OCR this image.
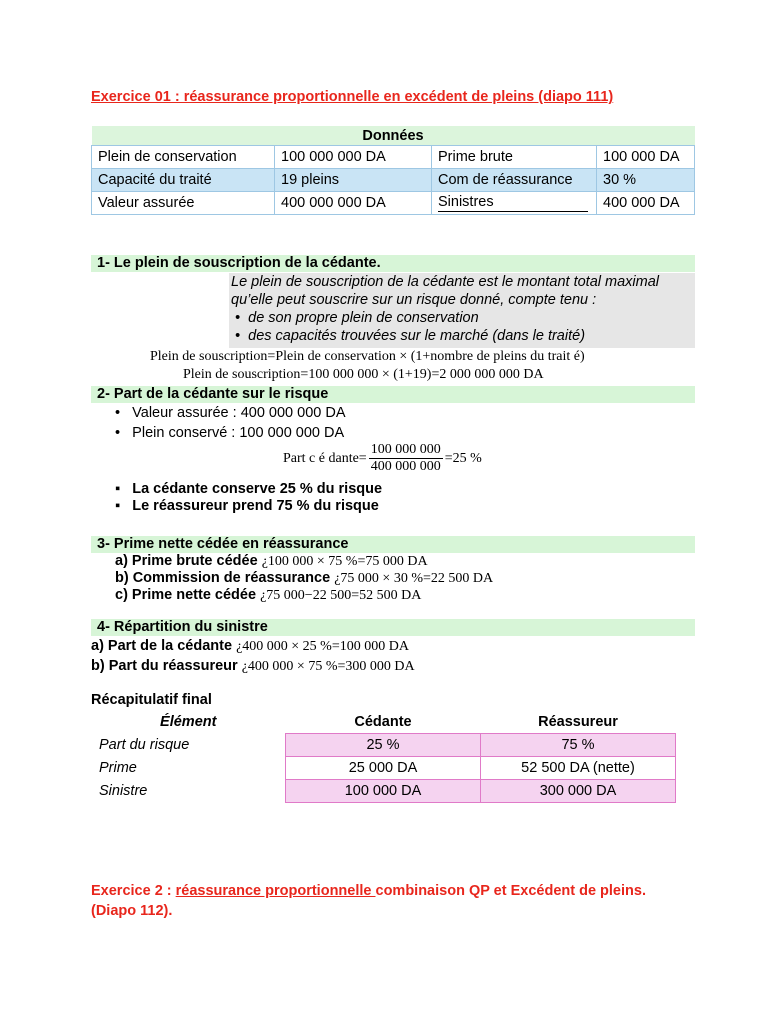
Exercice 01 : réassurance proportionnelle en excédent de pleins (diapo 111)
Données			
Plein de conservation	100 000 000 DA	Prime brute	100 000 DA
Capacité du traité	19 pleins	Com de réassurance	30 %
Valeur assurée	400 000 000 DA	Sinistres	400 000 DA
1- Le plein de souscription de la cédante.

Le plein de souscription de la cédante est le montant total maximal

qu’elle peut souscrire sur un risque donné, compte tenu :

•  de son propre plein de conservation

•  des capacités trouvées sur le marché (dans le traité)

Plein de souscription=Plein de conservation × (1+nombre de pleins du trait é)
Plein de souscription=100 000 000 × (1+19)=2 000 000 000 DA
2- Part de la cédante sur le risque
•   Valeur assurée : 400 000 000 DA
•   Plein conservé : 100 000 000 DA
Part c é dante= $\frac{100 000 000}{400 000 000} =25$ %
▪   La cédante conserve 25 % du risque
▪   Le réassureur prend 75 % du risque
3- Prime nette cédée en réassurance
a) Prime brute cédée ¿100 000 × 75 %=75 000 DA
b) Commission de réassurance ¿75 000 × 30 %=22 500 DA
c) Prime nette cédée ¿75 000−22 500=52 500 DA
4- Répartition du sinistre
a) Part de la cédante ¿400 000 × 25 %=100 000 DA
b) Part du réassureur ¿400 000 × 75 %=300 000 DA
Récapitulatif final
Élément	Cédante	Réassureur
Part du risque	25 %	75 %
Prime	25 000 DA	52 500 DA (nette)
Sinistre	100 000 DA	300 000 DA
Exercice 2 : réassurance proportionnelle combinaison QP et Excédent de pleins.
(Diapo 112).
